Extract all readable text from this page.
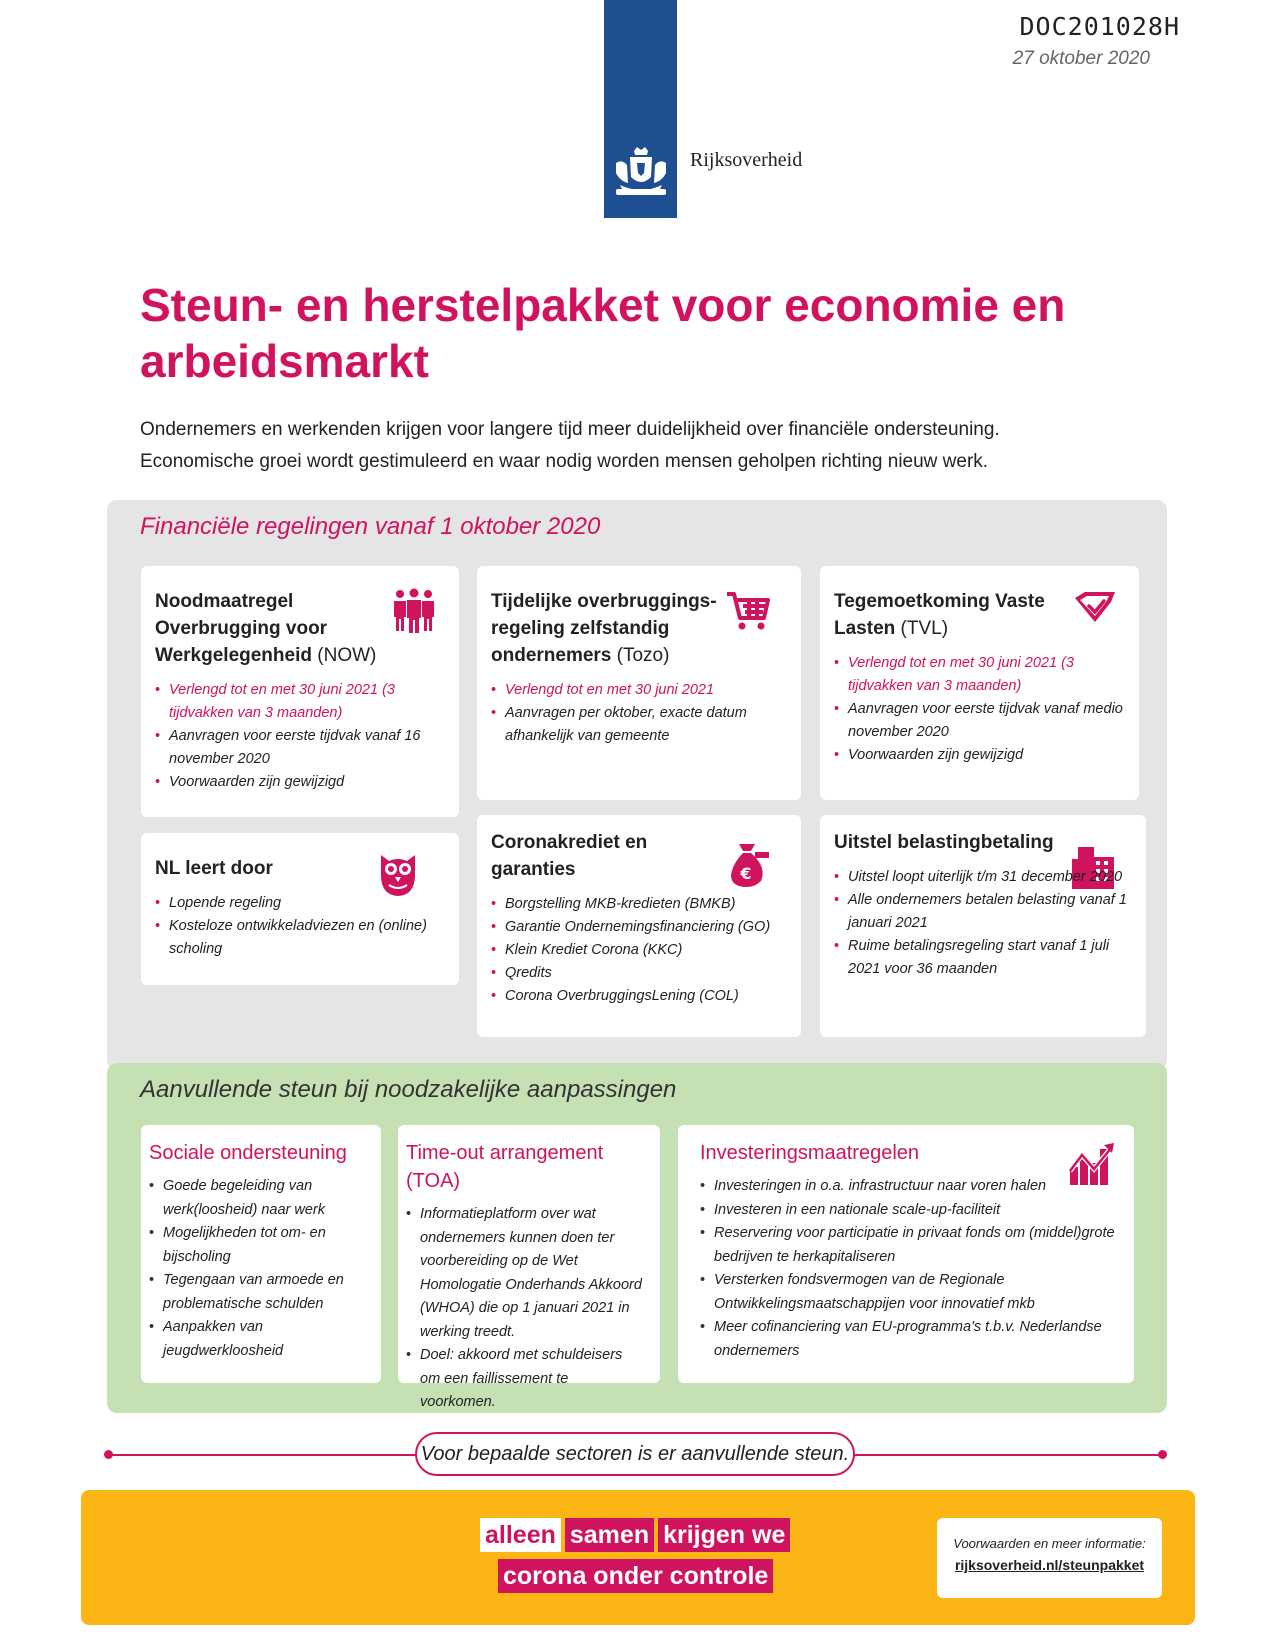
DOC201028H
27 oktober 2020
Rijksoverheid
Steun- en herstelpakket voor economie en arbeidsmarkt
Ondernemers en werkenden krijgen voor langere tijd meer duidelijkheid over financiële ondersteuning.
Economische groei wordt gestimuleerd en waar nodig worden mensen geholpen richting nieuw werk.
Financiële regelingen vanaf 1 oktober 2020
Noodmaatregel Overbrugging voor Werkgelegenheid (NOW)
• Verlengd tot en met 30 juni 2021 (3 tijdvakken van 3 maanden)
• Aanvragen voor eerste tijdvak vanaf 16 november 2020
• Voorwaarden zijn gewijzigd
Tijdelijke overbruggings-regeling zelfstandig ondernemers (Tozo)
• Verlengd tot en met 30 juni 2021
• Aanvragen per oktober, exacte datum afhankelijk van gemeente
Tegemoetkoming Vaste Lasten (TVL)
• Verlengd tot en met 30 juni 2021 (3 tijdvakken van 3 maanden)
• Aanvragen voor eerste tijdvak vanaf medio november 2020
• Voorwaarden zijn gewijzigd
NL leert door
• Lopende regeling
• Kosteloze ontwikkeladviezen en (online) scholing
Coronakrediet en garanties	€
• Borgstelling MKB-kredieten (BMKB)
• Garantie Ondernemingsfinanciering (GO)
• Klein Krediet Corona (KKC)
• Qredits
• Corona OverbruggingsLening (COL)
Uitstel belastingbetaling
• Uitstel loopt uiterlijk t/m 31 december 2020
• Alle ondernemers betalen belasting vanaf 1 januari 2021
• Ruime betalingsregeling start vanaf 1 juli 2021 voor 36 maanden
Aanvullende steun bij noodzakelijke aanpassingen
Sociale ondersteuning
• Goede begeleiding van werk(loosheid) naar werk
• Mogelijkheden tot om- en bijscholing
• Tegengaan van armoede en problematische schulden
• Aanpakken van jeugdwerkloosheid
Time-out arrangement (TOA)
• Informatieplatform over wat ondernemers kunnen doen ter voorbereiding op de Wet Homologatie Onderhands Akkoord (WHOA) die op 1 januari 2021 in werking treedt.
• Doel: akkoord met schuldeisers om een faillissement te voorkomen.
Investeringsmaatregelen
• Investeringen in o.a. infrastructuur naar voren halen
• Investeren in een nationale scale-up-faciliteit
• Reservering voor participatie in privaat fonds om (middel)grote bedrijven te herkapitaliseren
• Versterken fondsvermogen van de Regionale Ontwikkelingsmaatschappijen voor innovatief mkb
• Meer cofinanciering van EU-programma's t.b.v. Nederlandse ondernemers
Voor bepaalde sectoren is er aanvullende steun.
alleen samen krijgen we
corona onder controle
Voorwaarden en meer informatie:
rijksoverheid.nl/steunpakket
